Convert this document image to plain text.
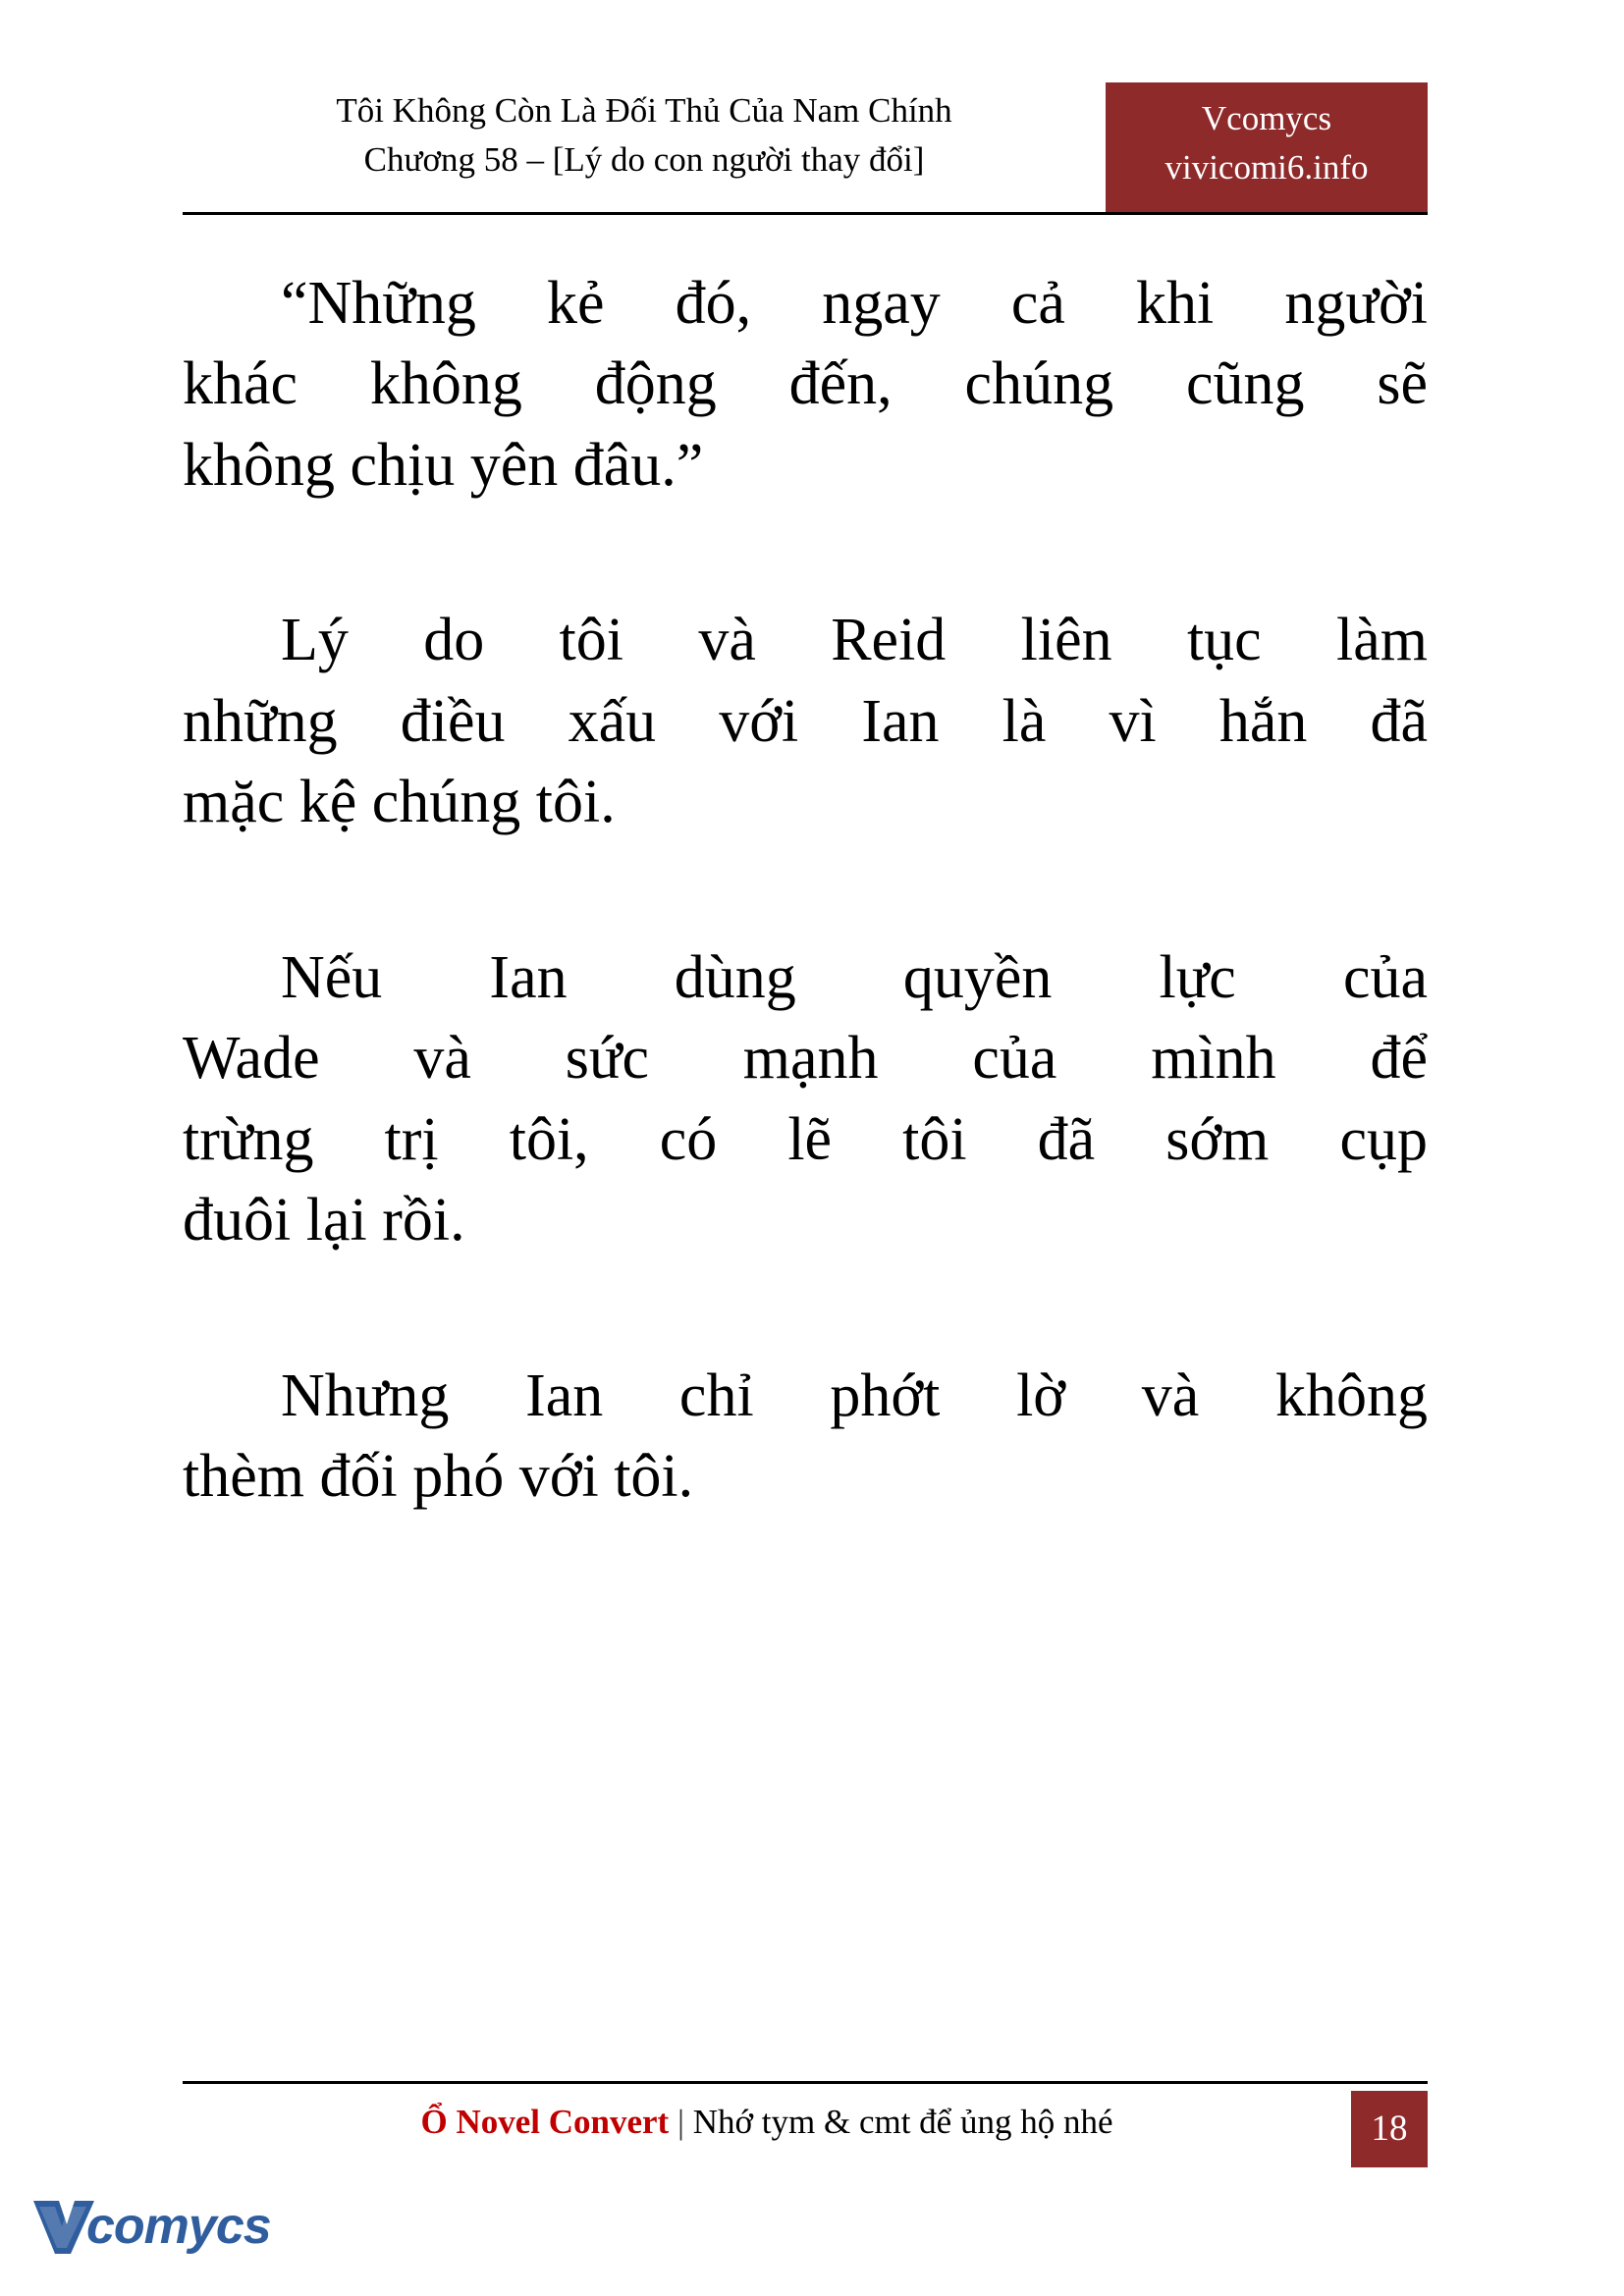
Tôi Không Còn Là Đối Thủ Của Nam Chính
Chương 58 – [Lý do con người thay đổi]
Vcomycs
vivicomi6.info
“Những kẻ đó, ngay cả khi người
khác không động đến, chúng cũng sẽ
không chịu yên đâu.”
Lý do tôi và Reid liên tục làm
những điều xấu với Ian là vì hắn đã
mặc kệ chúng tôi.
Nếu Ian dùng quyền lực của
Wade và sức mạnh của mình để
trừng trị tôi, có lẽ tôi đã sớm cụp
đuôi lại rồi.
Nhưng Ian chỉ phớt lờ và không
thèm đối phó với tôi.
Ổ Novel Convert | Nhớ tym & cmt để ủng hộ nhé	18
comycs
